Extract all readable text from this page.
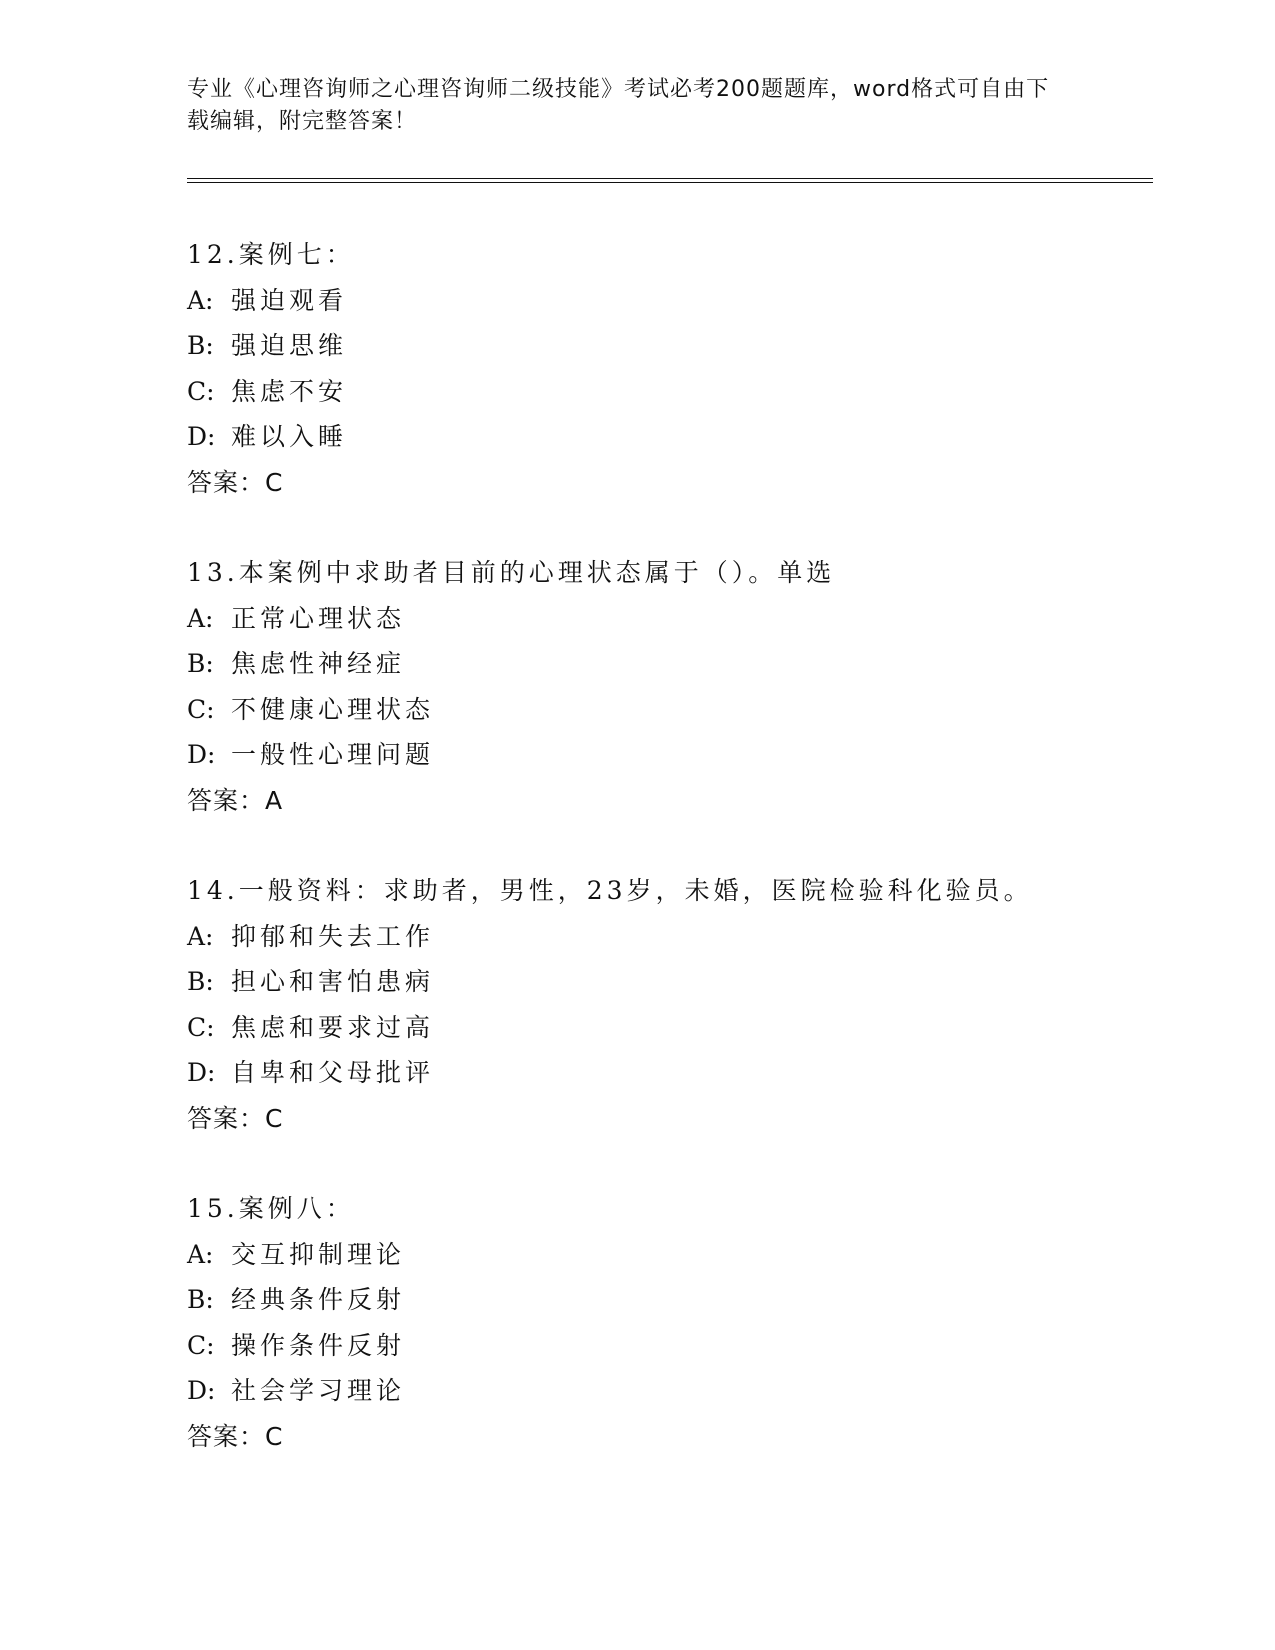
专业《心理咨询师之心理咨询师二级技能》考试必考200题题库，word格式可自由下载编辑，附完整答案！
12.案例七：
A: 强迫观看
B: 强迫思维
C: 焦虑不安
D: 难以入睡
答案：C
13.本案例中求助者目前的心理状态属于（）。单选
A: 正常心理状态
B: 焦虑性神经症
C: 不健康心理状态
D: 一般性心理问题
答案：A
14.一般资料：求助者，男性，23岁，未婚，医院检验科化验员。
A: 抑郁和失去工作
B: 担心和害怕患病
C: 焦虑和要求过高
D: 自卑和父母批评
答案：C
15.案例八：
A: 交互抑制理论
B: 经典条件反射
C: 操作条件反射
D: 社会学习理论
答案：C
